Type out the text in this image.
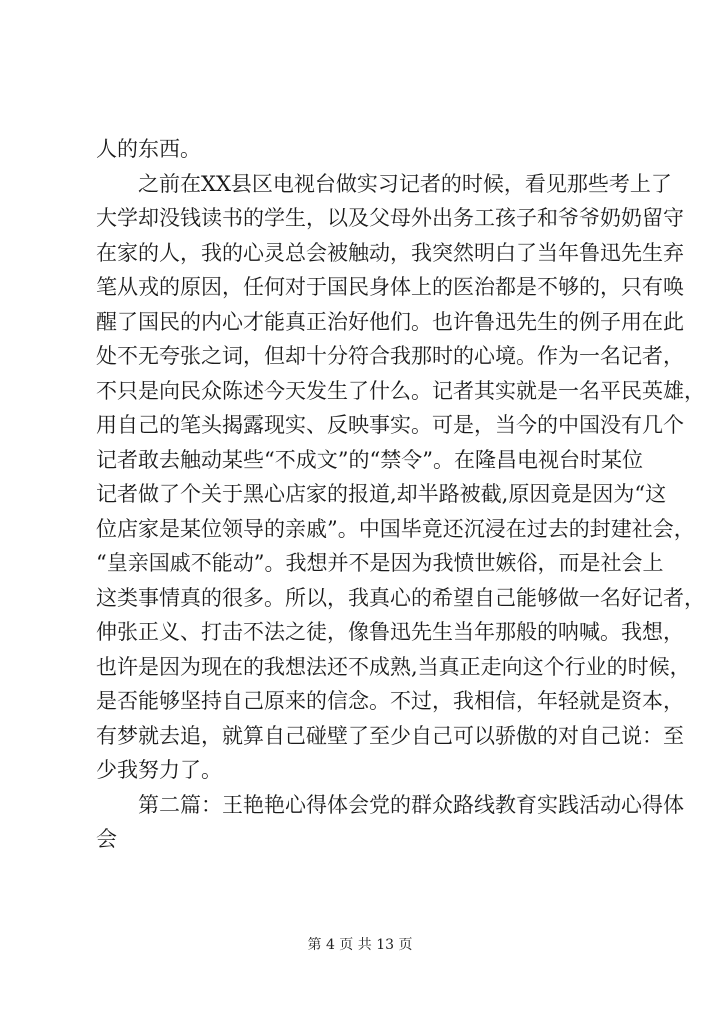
人的东西。
之前在XX县区电视台做实习记者的时候，看见那些考上了
大学却没钱读书的学生，以及父母外出务工孩子和爷爷奶奶留守
在家的人，我的心灵总会被触动，我突然明白了当年鲁迅先生弃
笔从戎的原因，任何对于国民身体上的医治都是不够的，只有唤
醒了国民的内心才能真正治好他们。也许鲁迅先生的例子用在此
处不无夸张之词，但却十分符合我那时的心境。作为一名记者，
不只是向民众陈述今天发生了什么。记者其实就是一名平民英雄，
用自己的笔头揭露现实、反映事实。可是，当今的中国没有几个
记者敢去触动某些“不成文”的“禁令”。在隆昌电视台时某位
记者做了个关于黑心店家的报道,却半路被截,原因竟是因为“这
位店家是某位领导的亲戚”。中国毕竟还沉浸在过去的封建社会，
“皇亲国戚不能动”。我想并不是因为我愤世嫉俗，而是社会上
这类事情真的很多。所以，我真心的希望自己能够做一名好记者，
伸张正义、打击不法之徒，像鲁迅先生当年那般的呐喊。我想，
也许是因为现在的我想法还不成熟,当真正走向这个行业的时候，
是否能够坚持自己原来的信念。不过，我相信，年轻就是资本，
有梦就去追，就算自己碰壁了至少自己可以骄傲的对自己说：至
少我努力了。
第二篇：王艳艳心得体会党的群众路线教育实践活动心得体
会
第 4 页 共 13 页
